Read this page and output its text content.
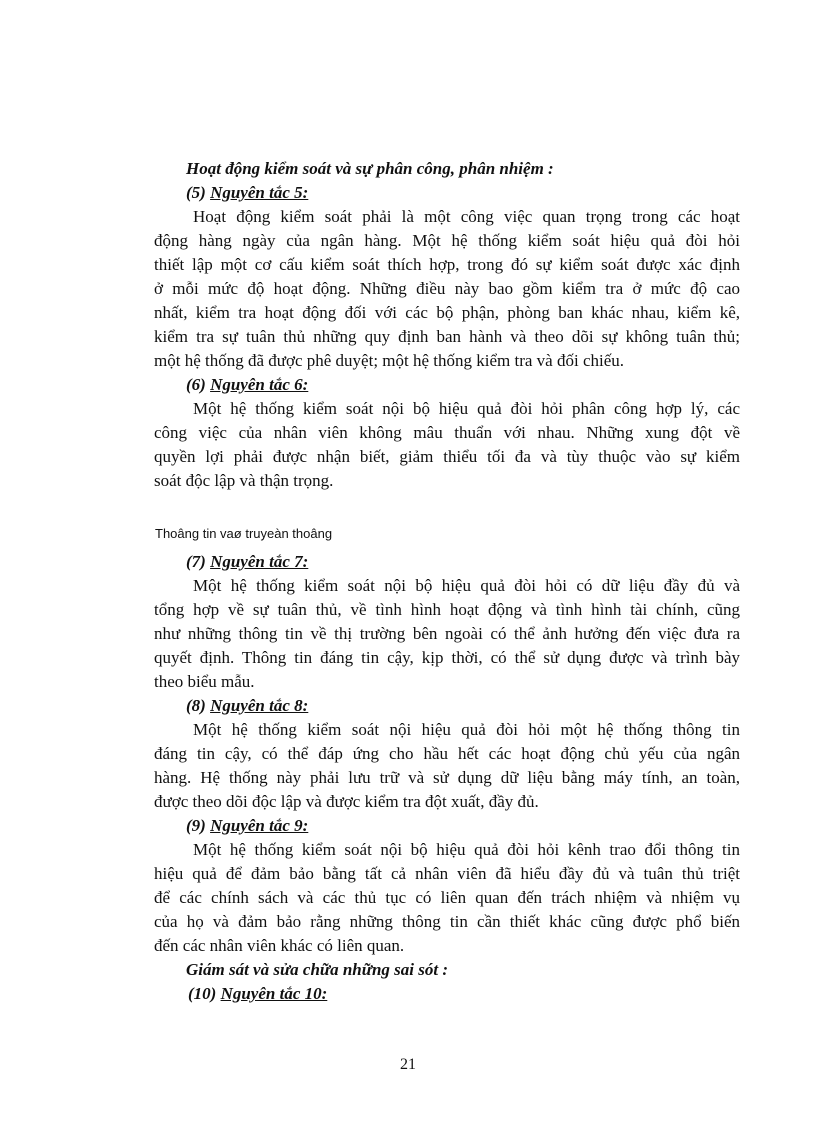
Hoạt động kiểm soát và sự phân công, phân nhiệm :
(5) Nguyên tắc 5:
Hoạt động kiểm soát phải là một công việc quan trọng trong các hoạt
động hàng ngày của ngân hàng. Một hệ thống kiểm soát hiệu quả đòi hỏi
thiết lập một cơ cấu kiểm soát thích hợp, trong đó sự kiểm soát được xác định
ở mỗi mức độ hoạt động. Những điều này bao gồm kiểm tra ở mức độ cao
nhất, kiểm tra hoạt động đối với các bộ phận, phòng ban khác nhau, kiểm kê,
kiểm tra sự tuân thủ những quy định ban hành và theo dõi sự không tuân thủ;
một hệ thống đã được phê duyệt; một hệ thống kiểm tra và đối chiếu.
(6) Nguyên tắc 6:
Một hệ thống kiểm soát nội bộ hiệu quả đòi hỏi phân công hợp lý, các
công việc của nhân viên không mâu thuẩn với nhau. Những xung đột về
quyền lợi phải được nhận biết, giảm thiểu tối đa và tùy thuộc vào sự kiểm
soát độc lập và thận trọng.
Thoâng tin vaø truyeàn thoâng
(7) Nguyên tắc 7:
Một hệ thống kiểm soát nội bộ hiệu quả đòi hỏi có dữ liệu đầy đủ và
tổng hợp về sự tuân thủ, về tình hình hoạt động và tình hình tài chính, cũng
như những thông tin về thị trường bên ngoài có thể ảnh hưởng đến việc đưa ra
quyết định. Thông tin đáng tin cậy, kịp thời, có thể sử dụng được và trình bày
theo biểu mẫu.
(8) Nguyên tắc 8:
Một hệ thống kiểm soát nội hiệu quả đòi hỏi một hệ thống thông tin
đáng tin cậy, có thể đáp ứng cho hầu hết các hoạt động chủ yếu của ngân
hàng. Hệ thống này phải lưu trữ và sử dụng dữ liệu bằng máy tính, an toàn,
được theo dõi độc lập và được kiểm tra đột xuất, đầy đủ.
(9) Nguyên tắc 9:
Một hệ thống kiểm soát nội bộ hiệu quả đòi hỏi kênh trao đổi thông tin
hiệu quả để đảm bảo bằng tất cả nhân viên đã hiểu đầy đủ và tuân thủ triệt
để các chính sách và các thủ tục có liên quan đến trách nhiệm và nhiệm vụ
của họ và đảm bảo rằng những thông tin cần thiết khác cũng được phổ biến
đến các nhân viên khác có liên quan.
Giám sát và sửa chữa những sai sót :
(10) Nguyên tắc 10:
21
